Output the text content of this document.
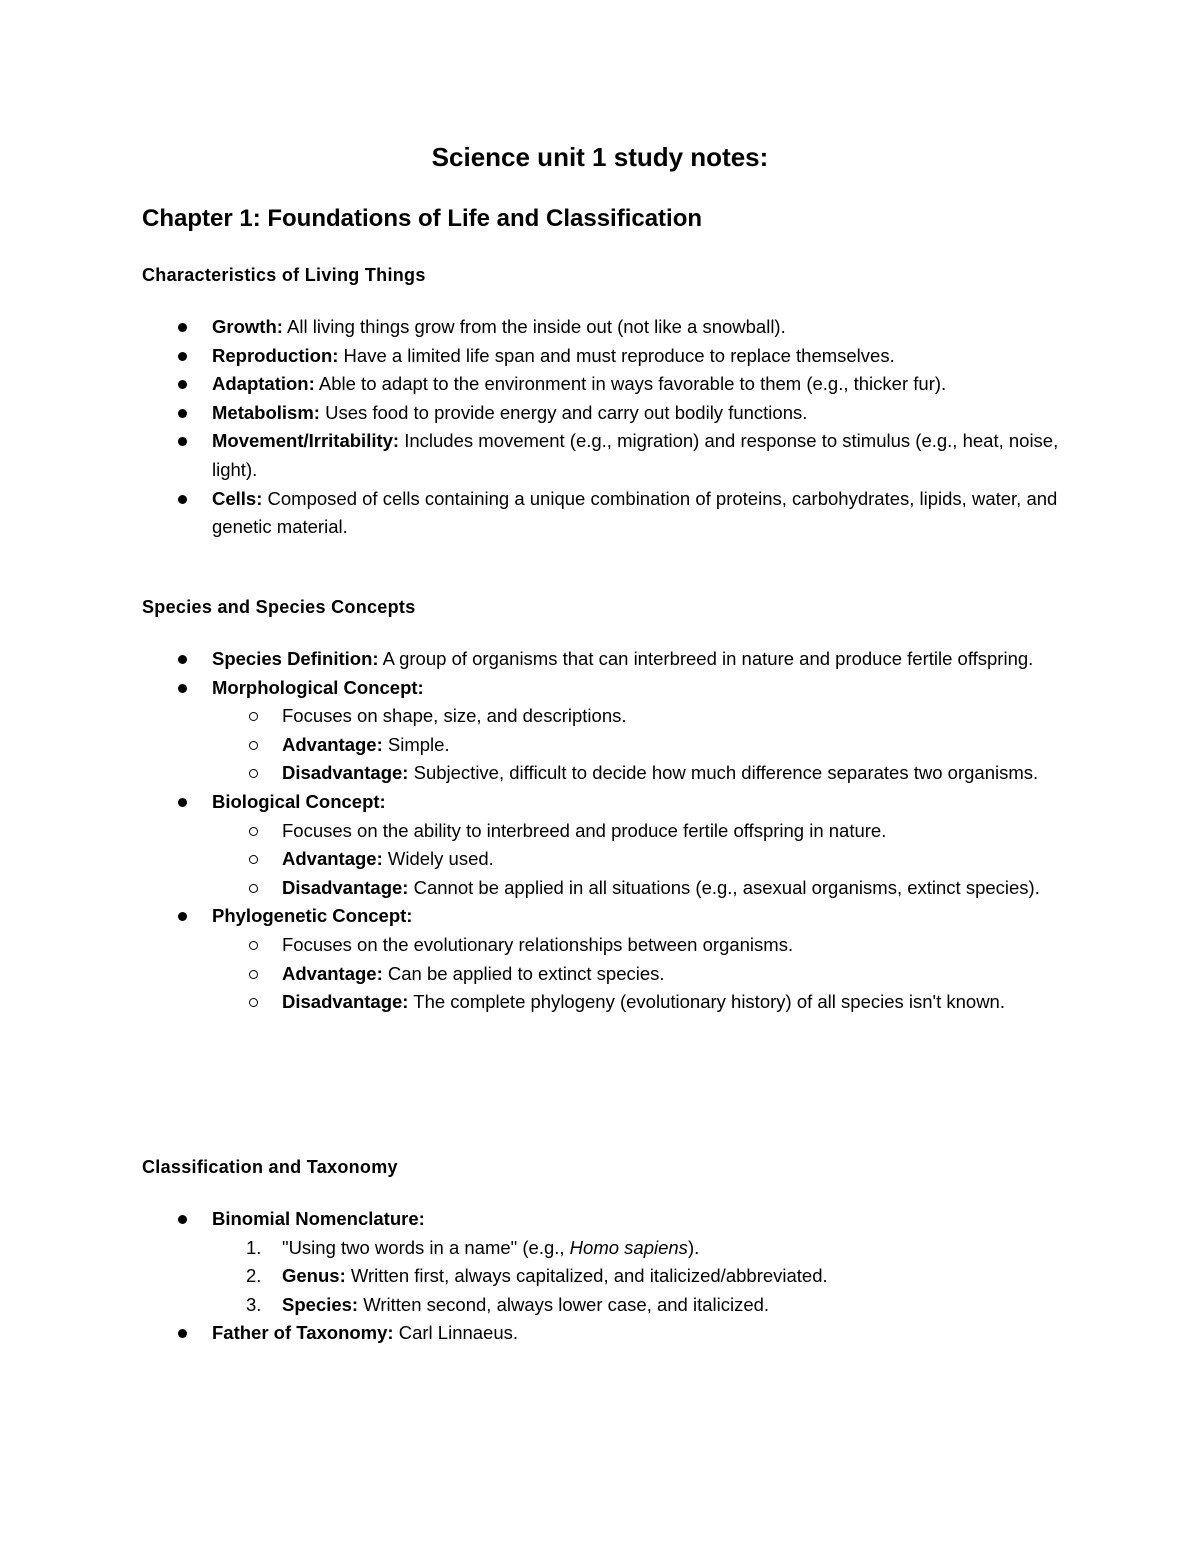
Science unit 1 study notes:
Chapter 1: Foundations of Life and Classification
Characteristics of Living Things
Growth: All living things grow from the inside out (not like a snowball).
Reproduction: Have a limited life span and must reproduce to replace themselves.
Adaptation: Able to adapt to the environment in ways favorable to them (e.g., thicker fur).
Metabolism: Uses food to provide energy and carry out bodily functions.
Movement/Irritability: Includes movement (e.g., migration) and response to stimulus (e.g., heat, noise, light).
Cells: Composed of cells containing a unique combination of proteins, carbohydrates, lipids, water, and genetic material.
Species and Species Concepts
Species Definition: A group of organisms that can interbreed in nature and produce fertile offspring.
Morphological Concept:
Focuses on shape, size, and descriptions.
Advantage: Simple.
Disadvantage: Subjective, difficult to decide how much difference separates two organisms.
Biological Concept:
Focuses on the ability to interbreed and produce fertile offspring in nature.
Advantage: Widely used.
Disadvantage: Cannot be applied in all situations (e.g., asexual organisms, extinct species).
Phylogenetic Concept:
Focuses on the evolutionary relationships between organisms.
Advantage: Can be applied to extinct species.
Disadvantage: The complete phylogeny (evolutionary history) of all species isn't known.
Classification and Taxonomy
Binomial Nomenclature:
1. "Using two words in a name" (e.g., Homo sapiens).
2. Genus: Written first, always capitalized, and italicized/abbreviated.
3. Species: Written second, always lower case, and italicized.
Father of Taxonomy: Carl Linnaeus.
